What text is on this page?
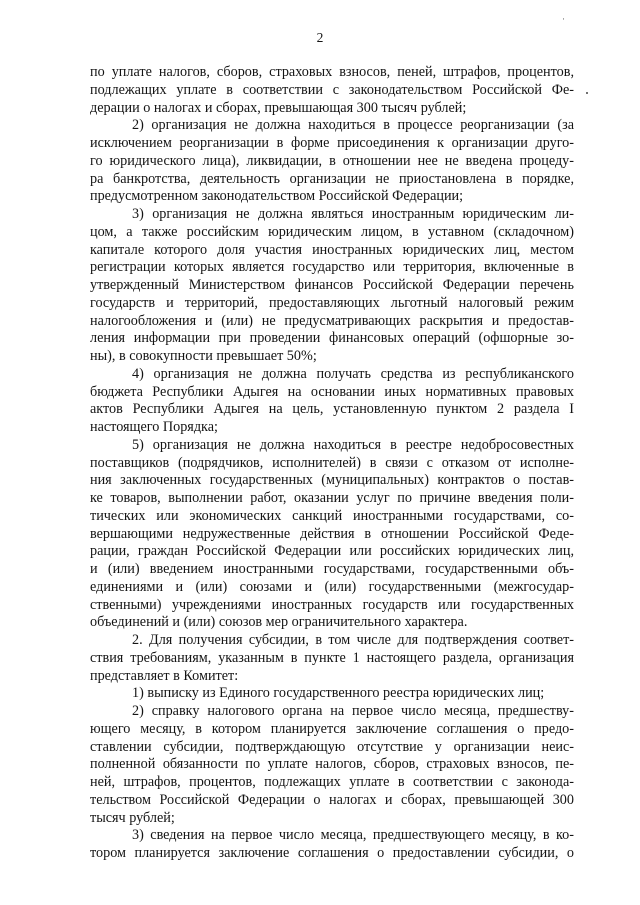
2
·
по уплате налогов, сборов, страховых взносов, пеней, штрафов, процентов,
подлежащих уплате в соответствии с законодательством Российской Фе-
дерации о налогах и сборах, превышающая 300 тысяч рублей;
2) организация не должна находиться в процессе реорганизации (за
исключением реорганизации в форме присоединения к организации друго-
го юридического лица), ликвидации, в отношении нее не введена процеду-
ра банкротства, деятельность организации не приостановлена в порядке,
предусмотренном законодательством Российской Федерации;
3) организация не должна являться иностранным юридическим ли-
цом, а также российским юридическим лицом, в уставном (складочном)
капитале которого доля участия иностранных юридических лиц, местом
регистрации которых является государство или территория, включенные в
утвержденный Министерством финансов Российской Федерации перечень
государств и территорий, предоставляющих льготный налоговый режим
налогообложения и (или) не предусматривающих раскрытия и предостав-
ления информации при проведении финансовых операций (офшорные зо-
ны), в совокупности превышает 50%;
4) организация не должна получать средства из республиканского
бюджета Республики Адыгея на основании иных нормативных правовых
актов Республики Адыгея на цель, установленную пунктом 2 раздела I
настоящего Порядка;
5) организация не должна находиться в реестре недобросовестных
поставщиков (подрядчиков, исполнителей) в связи с отказом от исполне-
ния заключенных государственных (муниципальных) контрактов о постав-
ке товаров, выполнении работ, оказании услуг по причине введения поли-
тических или экономических санкций иностранными государствами, со-
вершающими недружественные действия в отношении Российской Феде-
рации, граждан Российской Федерации или российских юридических лиц,
и (или) введением иностранными государствами, государственными объ-
единениями и (или) союзами и (или) государственными (межгосудар-
ственными) учреждениями иностранных государств или государственных
объединений и (или) союзов мер ограничительного характера.
2. Для получения субсидии, в том числе для подтверждения соответ-
ствия требованиям, указанным в пункте 1 настоящего раздела, организация
представляет в Комитет:
1) выписку из Единого государственного реестра юридических лиц;
2) справку налогового органа на первое число месяца, предшеству-
ющего месяцу, в котором планируется заключение соглашения о предо-
ставлении субсидии, подтверждающую отсутствие у организации неис-
полненной обязанности по уплате налогов, сборов, страховых взносов, пе-
ней, штрафов, процентов, подлежащих уплате в соответствии с законода-
тельством Российской Федерации о налогах и сборах, превышающей 300
тысяч рублей;
3) сведения на первое число месяца, предшествующего месяцу, в ко-
тором планируется заключение соглашения о предоставлении субсидии, о
